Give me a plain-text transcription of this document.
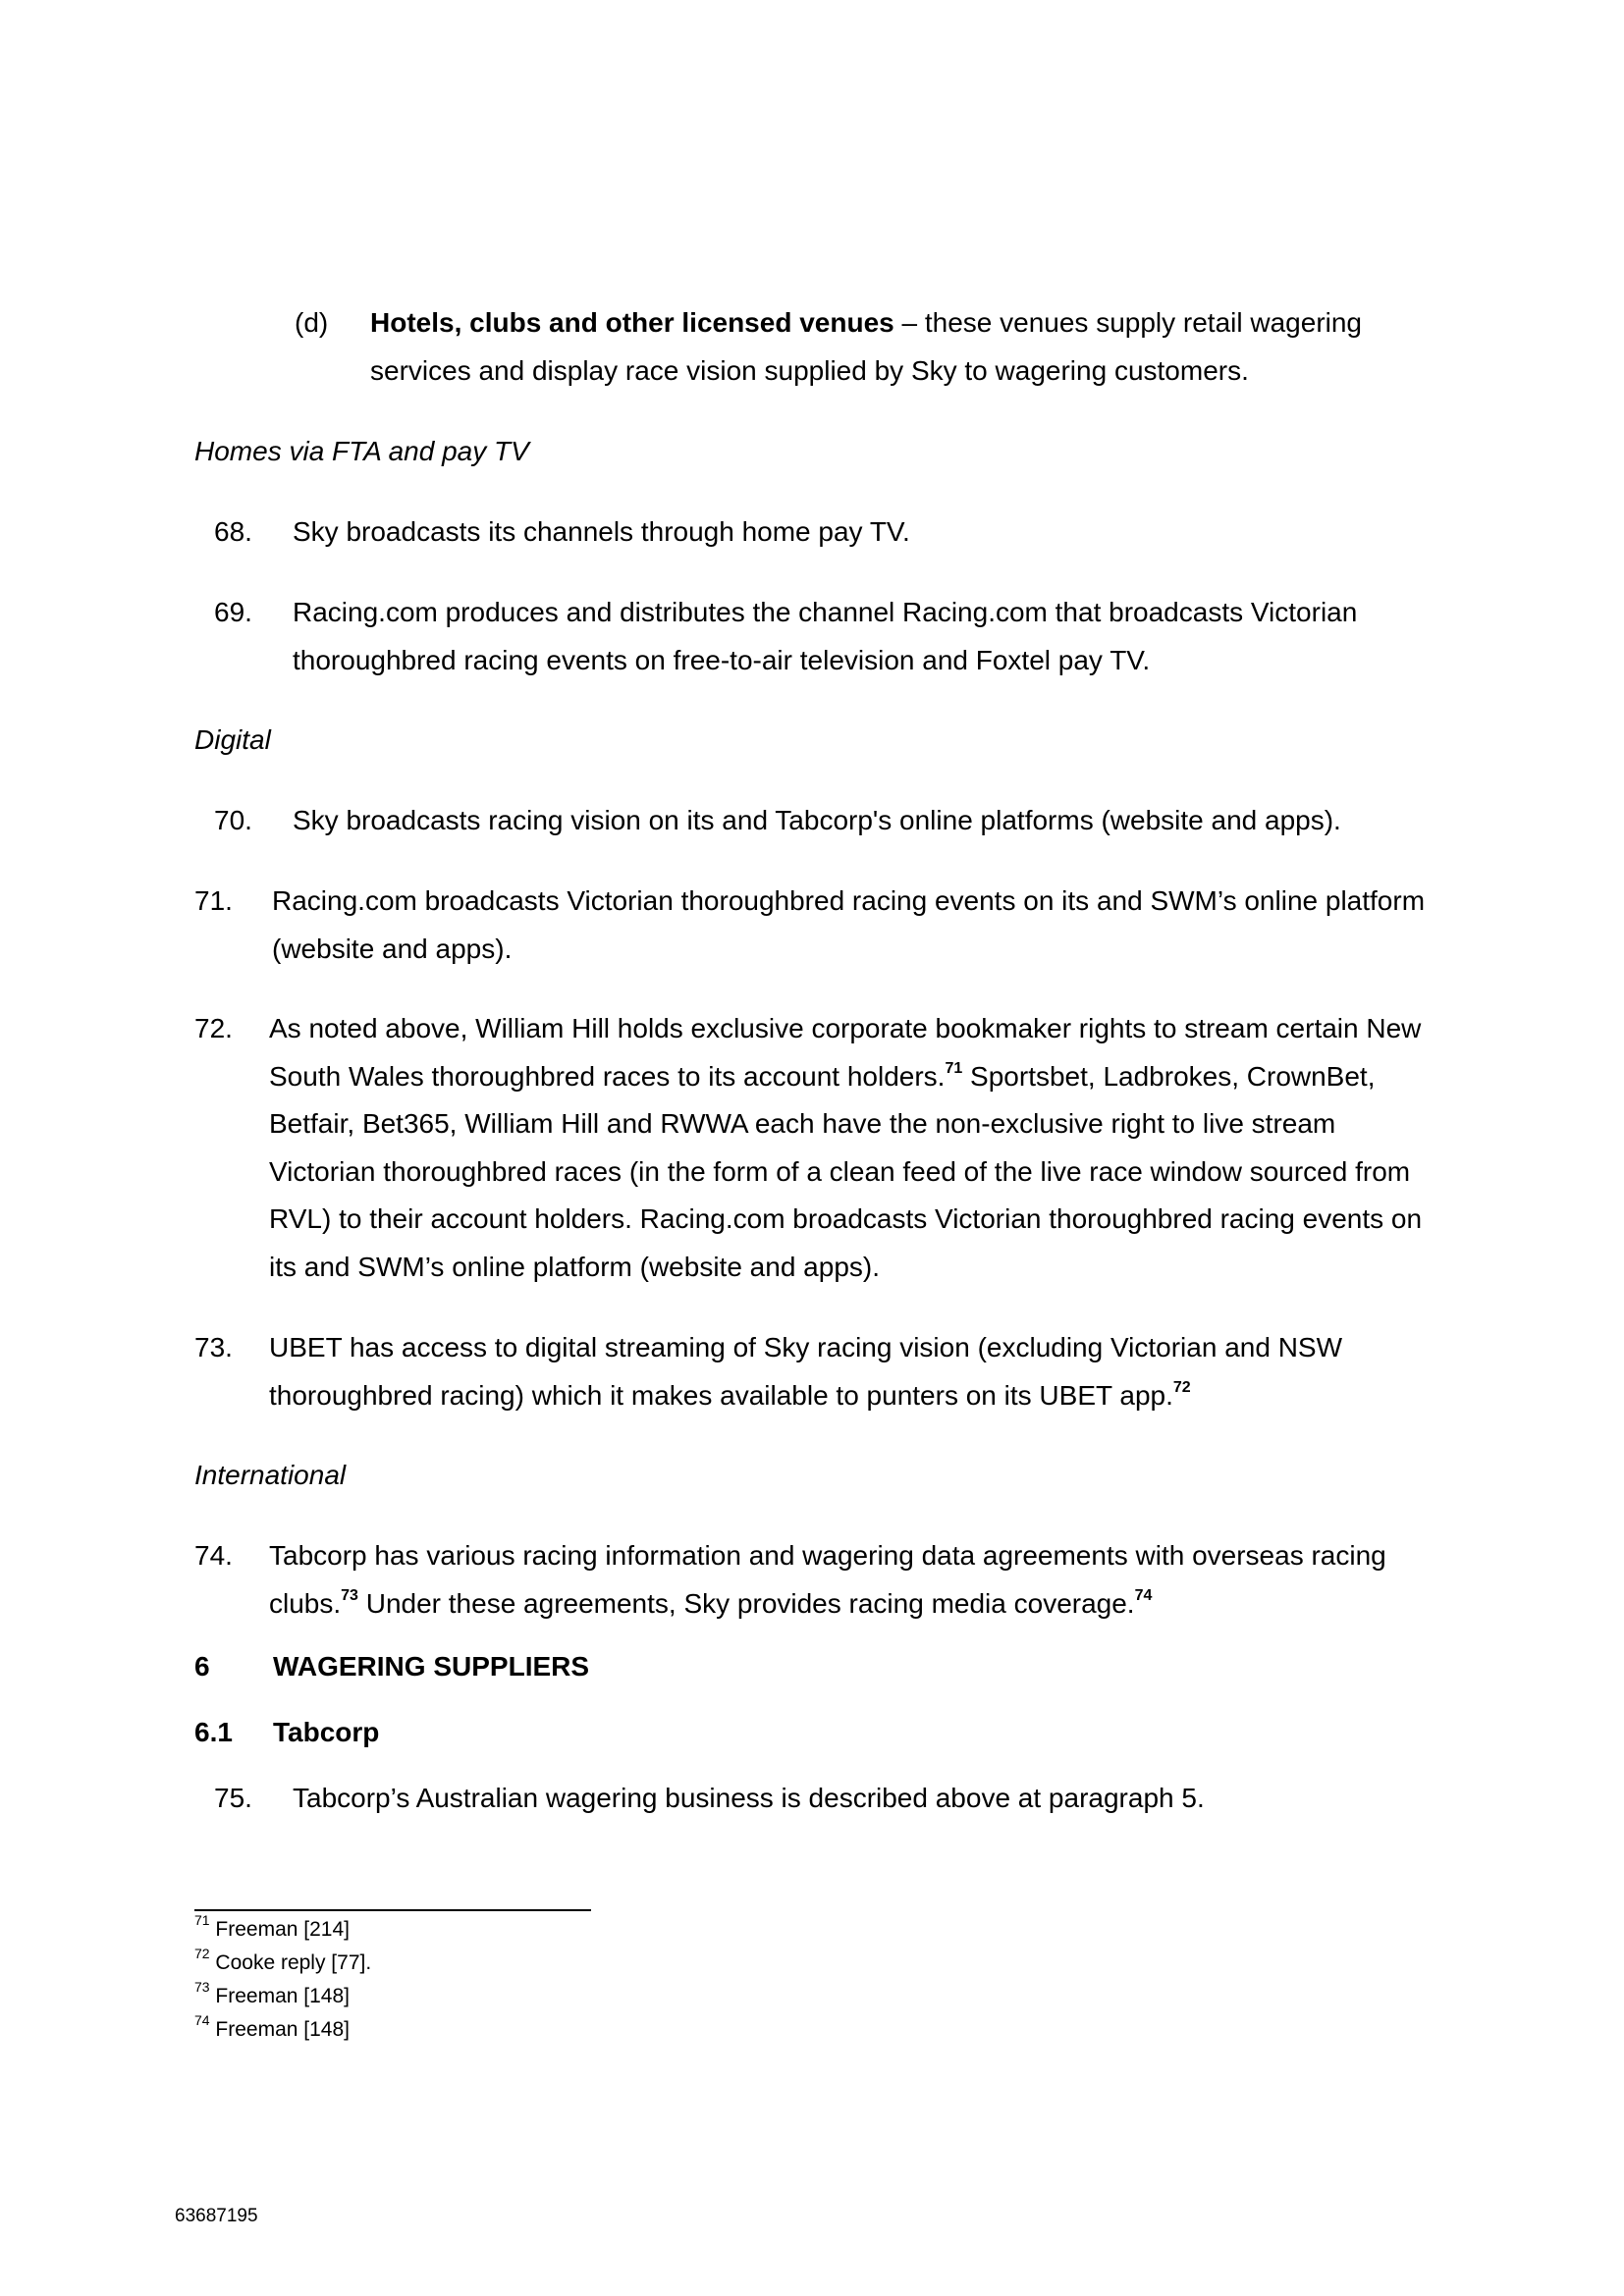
(d) Hotels, clubs and other licensed venues – these venues supply retail wagering
services and display race vision supplied by Sky to wagering customers.
Homes via FTA and pay TV
68. Sky broadcasts its channels through home pay TV.
69. Racing.com produces and distributes the channel Racing.com that broadcasts Victorian
thoroughbred racing events on free-to-air television and Foxtel pay TV.
Digital
70. Sky broadcasts racing vision on its and Tabcorp's online platforms (website and apps).
71. Racing.com broadcasts Victorian thoroughbred racing events on its and SWM’s online platform
(website and apps).
72. As noted above, William Hill holds exclusive corporate bookmaker rights to stream certain New
South Wales thoroughbred races to its account holders.$^{71}$ Sportsbet, Ladbrokes, CrownBet,
Betfair, Bet365, William Hill and RWWA each have the non-exclusive right to live stream
Victorian thoroughbred races (in the form of a clean feed of the live race window sourced from
RVL) to their account holders. Racing.com broadcasts Victorian thoroughbred racing events on
its and SWM’s online platform (website and apps).
73. UBET has access to digital streaming of Sky racing vision (excluding Victorian and NSW
thoroughbred racing) which it makes available to punters on its UBET app.$^{72}$
International
74. Tabcorp has various racing information and wagering data agreements with overseas racing
clubs.$^{73}$ Under these agreements, Sky provides racing media coverage.$^{74}$
6 WAGERING SUPPLIERS
6.1 Tabcorp
75. Tabcorp’s Australian wagering business is described above at paragraph 5.
$^{71}$ Freeman [214]
$^{72}$ Cooke reply [77].
$^{73}$ Freeman [148]
$^{74}$ Freeman [148]
63687195
